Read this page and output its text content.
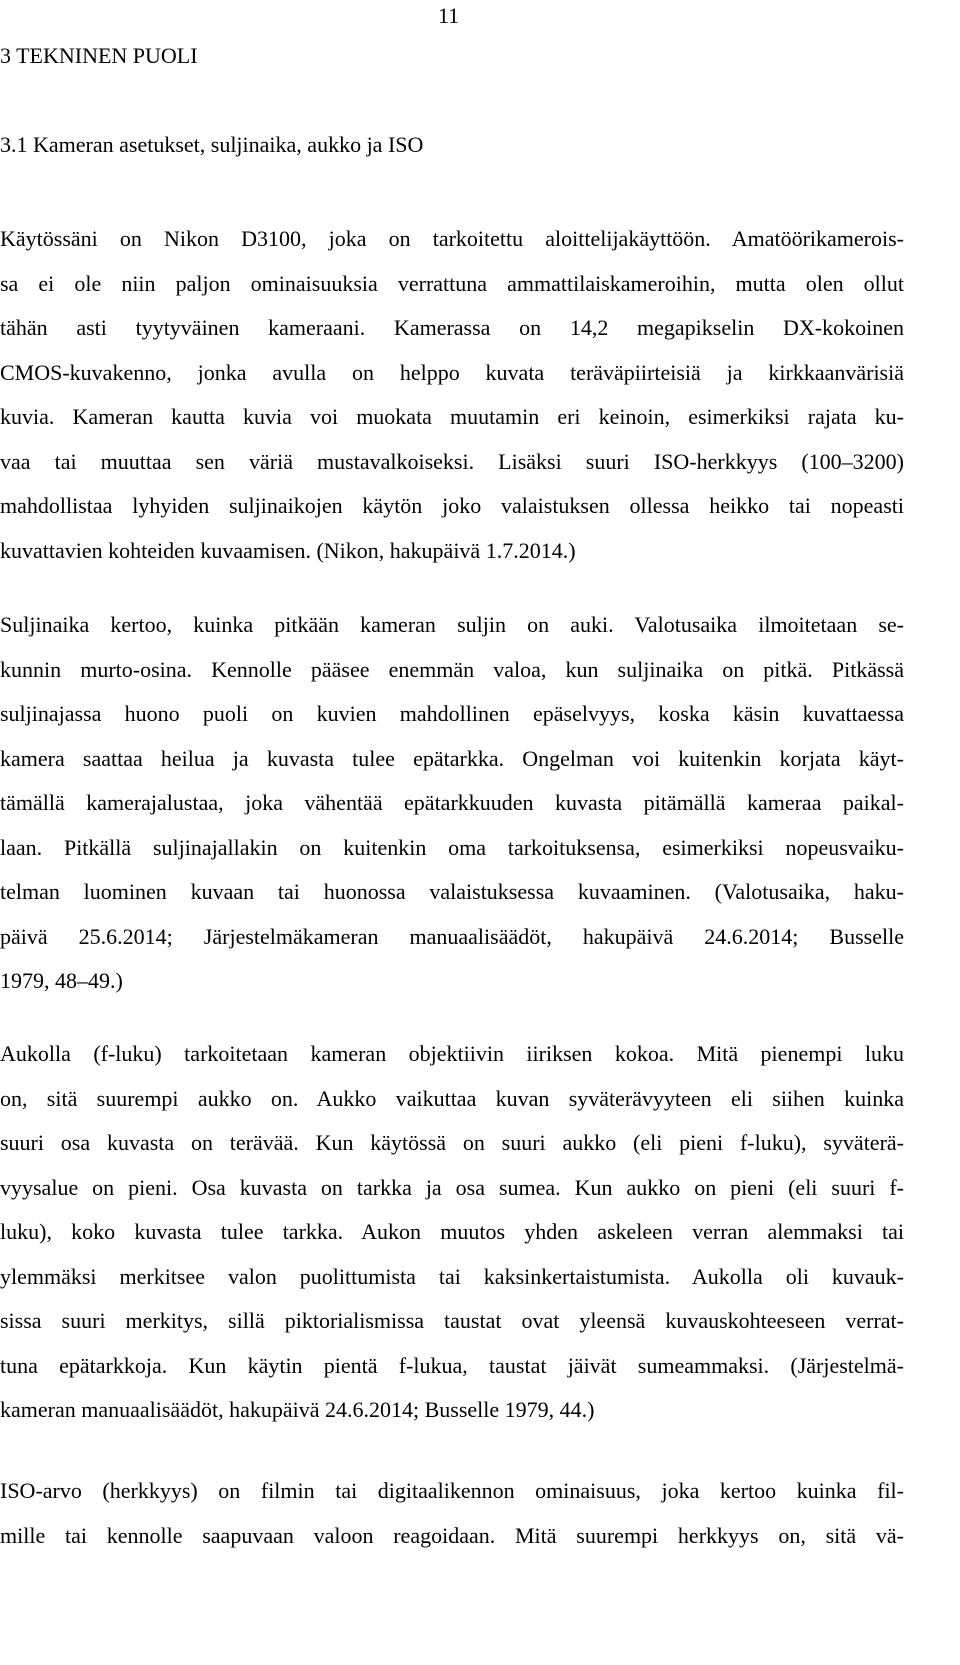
11
3 TEKNINEN PUOLI
3.1 Kameran asetukset, suljinaika, aukko ja ISO
Käytössäni on Nikon D3100, joka on tarkoitettu aloittelijakäyttöön. Amatöörikamerois-
sa ei ole niin paljon ominaisuuksia verrattuna ammattilaiskameroihin, mutta olen ollut
tähän asti tyytyväinen kameraani. Kamerassa on 14,2 megapikselin DX-kokoinen
CMOS-kuvakenno, jonka avulla on helppo kuvata teräväpiirteisiä ja kirkkaanvärisiä
kuvia. Kameran kautta kuvia voi muokata muutamin eri keinoin, esimerkiksi rajata ku-
vaa tai muuttaa sen väriä mustavalkoiseksi. Lisäksi suuri ISO-herkkyys (100–3200)
mahdollistaa lyhyiden suljinaikojen käytön joko valaistuksen ollessa heikko tai nopeasti
kuvattavien kohteiden kuvaamisen. (Nikon, hakupäivä 1.7.2014.)
Suljinaika kertoo, kuinka pitkään kameran suljin on auki. Valotusaika ilmoitetaan se-
kunnin murto-osina. Kennolle pääsee enemmän valoa, kun suljinaika on pitkä. Pitkässä
suljinajassa huono puoli on kuvien mahdollinen epäselvyys, koska käsin kuvattaessa
kamera saattaa heilua ja kuvasta tulee epätarkka. Ongelman voi kuitenkin korjata käyt-
tämällä kamerajalustaa, joka vähentää epätarkkuuden kuvasta pitämällä kameraa paikal-
laan. Pitkällä suljinajallakin on kuitenkin oma tarkoituksensa, esimerkiksi nopeusvaiku-
telman luominen kuvaan tai huonossa valaistuksessa kuvaaminen. (Valotusaika, haku-
päivä 25.6.2014; Järjestelmäkameran manuaalisäädöt, hakupäivä 24.6.2014; Busselle
1979, 48–49.)
Aukolla (f-luku) tarkoitetaan kameran objektiivin iiriksen kokoa. Mitä pienempi luku
on, sitä suurempi aukko on. Aukko vaikuttaa kuvan syväterävyyteen eli siihen kuinka
suuri osa kuvasta on terävää. Kun käytössä on suuri aukko (eli pieni f-luku), syväterä-
vyysalue on pieni. Osa kuvasta on tarkka ja osa sumea. Kun aukko on pieni (eli suuri f-
luku), koko kuvasta tulee tarkka. Aukon muutos yhden askeleen verran alemmaksi tai
ylemmäksi merkitsee valon puolittumista tai kaksinkertaistumista. Aukolla oli kuvauk-
sissa suuri merkitys, sillä piktorialismissa taustat ovat yleensä kuvauskohteeseen verrat-
tuna epätarkkoja. Kun käytin pientä f-lukua, taustat jäivät sumeammaksi. (Järjestelmä-
kameran manuaalisäädöt, hakupäivä 24.6.2014; Busselle 1979, 44.)
ISO-arvo (herkkyys) on filmin tai digitaalikennon ominaisuus, joka kertoo kuinka fil-
mille tai kennolle saapuvaan valoon reagoidaan. Mitä suurempi herkkyys on, sitä vä-
